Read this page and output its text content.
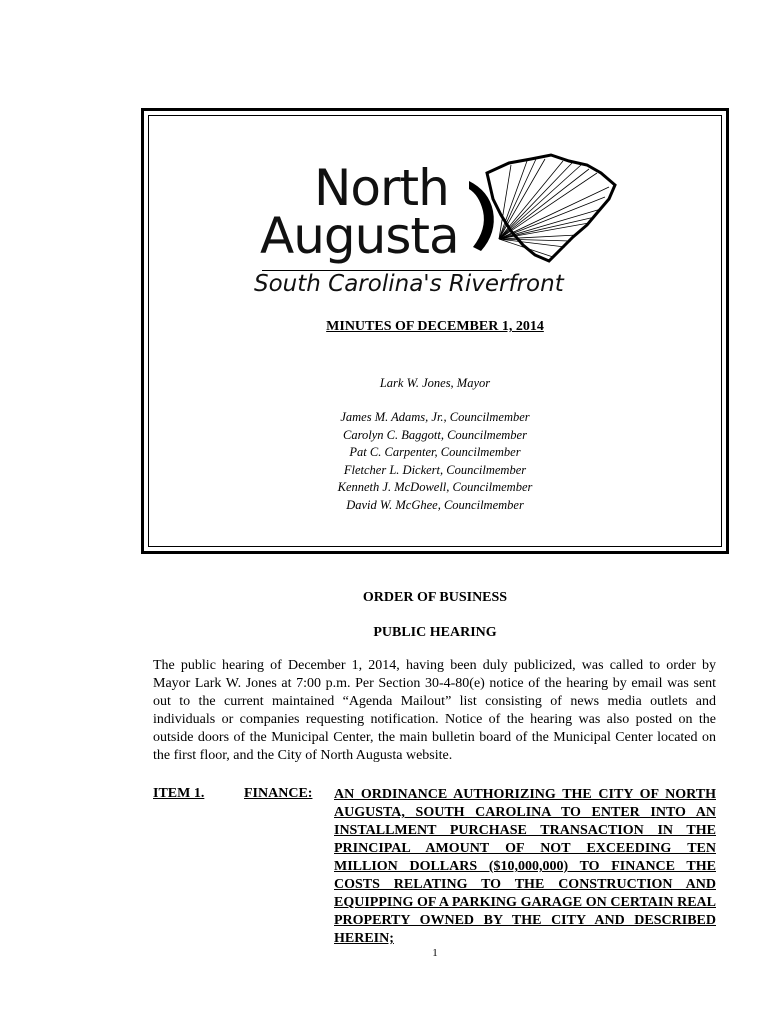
North
Augusta
South Carolina's Riverfront
MINUTES OF DECEMBER 1, 2014
Lark W. Jones, Mayor
James M. Adams, Jr., Councilmember
Carolyn C. Baggott, Councilmember
Pat C. Carpenter, Councilmember
Fletcher L. Dickert, Councilmember
Kenneth J. McDowell, Councilmember
David W. McGhee, Councilmember
ORDER OF BUSINESS
PUBLIC HEARING

The public hearing of December 1, 2014, having been duly publicized, was called to order by Mayor Lark W. Jones at 7:00 p.m. Per Section 30-4-80(e) notice of the hearing by email was sent out to the current maintained “Agenda Mailout” list consisting of news media outlets and individuals or companies requesting notification. Notice of the hearing was also posted on the outside doors of the Municipal Center, the main bulletin board of the Municipal Center located on the first floor, and the City of North Augusta website.

ITEM 1.	FINANCE: AN ORDINANCE AUTHORIZING THE CITY OF NORTH AUGUSTA, SOUTH CAROLINA TO ENTER INTO AN INSTALLMENT PURCHASE TRANSACTION IN THE PRINCIPAL AMOUNT OF NOT EXCEEDING TEN MILLION DOLLARS ($10,000,000) TO FINANCE THE COSTS RELATING TO THE CONSTRUCTION AND EQUIPPING OF A PARKING GARAGE ON CERTAIN REAL PROPERTY OWNED BY THE CITY AND DESCRIBED HEREIN;

1
